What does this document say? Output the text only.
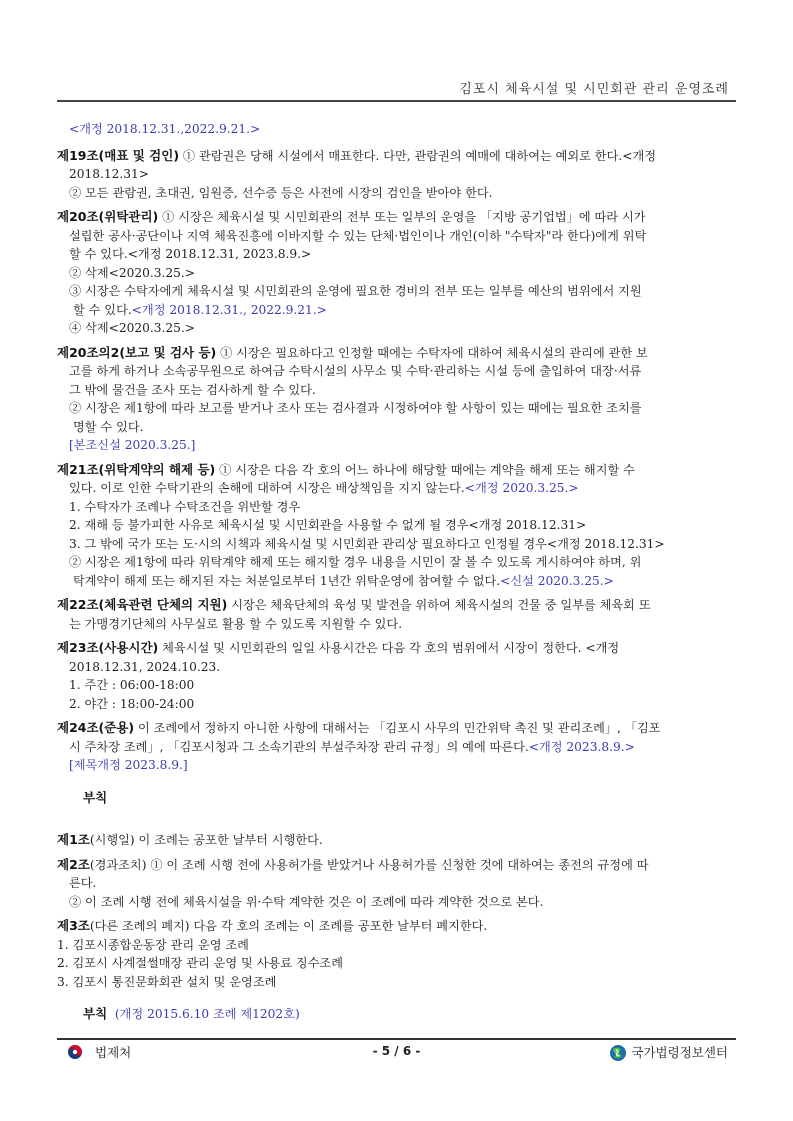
김포시 체육시설 및 시민회관 관리 운영조례
<개정 2018.12.31.,2022.9.21.>
제19조(매표 및 검인) ① 관람권은 당해 시설에서 매표한다. 다만, 관람권의 예매에 대하여는 예외로 한다.<개정
2018.12.31>
② 모든 관람권, 초대권, 임원증, 선수증 등은 사전에 시장의 검인을 받아야 한다.
제20조(위탁관리) ① 시장은 체육시설 및 시민회관의 전부 또는 일부의 운영을 「지방 공기업법」에 따라 시가
설립한 공사·공단이나 지역 체육진흥에 이바지할 수 있는 단체·법인이나 개인(이하 "수탁자"라 한다)에게 위탁
할 수 있다.<개정 2018.12.31, 2023.8.9.>
② 삭제<2020.3.25.>
③ 시장은 수탁자에게 체육시설 및 시민회관의 운영에 필요한 경비의 전부 또는 일부를 예산의 범위에서 지원
할 수 있다.<개정 2018.12.31., 2022.9.21.>
④ 삭제<2020.3.25.>
제20조의2(보고 및 검사 등) ① 시장은 필요하다고 인정할 때에는 수탁자에 대하여 체육시설의 관리에 관한 보
고를 하게 하거나 소속공무원으로 하여금 수탁시설의 사무소 및 수탁·관리하는 시설 등에 출입하여 대장·서류
그 밖에 물건을 조사 또는 검사하게 할 수 있다.
② 시장은 제1항에 따라 보고를 받거나 조사 또는 검사결과 시정하여야 할 사항이 있는 때에는 필요한 조치를
명할 수 있다.
[본조신설 2020.3.25.]
제21조(위탁계약의 해제 등) ① 시장은 다음 각 호의 어느 하나에 해당할 때에는 계약을 해제 또는 해지할 수
있다. 이로 인한 수탁기관의 손해에 대하여 시장은 배상책임을 지지 않는다.<개정 2020.3.25.>
1. 수탁자가 조례나 수탁조건을 위반할 경우
2. 재해 등 불가피한 사유로 체육시설 및 시민회관을 사용할 수 없게 될 경우<개정 2018.12.31>
3. 그 밖에 국가 또는 도·시의 시책과 체육시설 및 시민회관 관리상 필요하다고 인정될 경우<개정 2018.12.31>
② 시장은 제1항에 따라 위탁계약 해제 또는 해지할 경우 내용을 시민이 잘 볼 수 있도록 게시하여야 하며, 위
탁계약이 해제 또는 해지된 자는 처분일로부터 1년간 위탁운영에 참여할 수 없다.<신설 2020.3.25.>
제22조(체육관련 단체의 지원) 시장은 체육단체의 육성 및 발전을 위하여 체육시설의 건물 중 일부를 체육회 또
는 가맹경기단체의 사무실로 활용 할 수 있도록 지원할 수 있다.
제23조(사용시간) 체육시설 및 시민회관의 일일 사용시간은 다음 각 호의 범위에서 시장이 정한다. <개정
2018.12.31, 2024.10.23.
1. 주간 : 06:00-18:00
2. 야간 : 18:00-24:00
제24조(준용) 이 조례에서 정하지 아니한 사항에 대해서는 「김포시 사무의 민간위탁 촉진 및 관리조례」, 「김포
시 주차장 조례」, 「김포시청과 그 소속기관의 부설주차장 관리 규정」의 예에 따른다.<개정 2023.8.9.>
[제목개정 2023.8.9.]
부칙
제1조(시행일) 이 조례는 공포한 날부터 시행한다.
제2조(경과조치) ① 이 조례 시행 전에 사용허가를 받았거나 사용허가를 신청한 것에 대하여는 종전의 규정에 따
른다.
② 이 조례 시행 전에 체육시설을 위·수탁 계약한 것은 이 조례에 따라 계약한 것으로 본다.
제3조(다른 조례의 폐지) 다음 각 호의 조례는 이 조례를 공포한 날부터 폐지한다.
1. 김포시종합운동장 관리 운영 조례
2. 김포시 사계절썰매장 관리 운영 및 사용료 징수조례
3. 김포시 통진문화회관 설치 및 운영조례
부칙 (개정 2015.6.10 조례 제1202호)
법제처	- 5 / 6 -	국가법령정보센터
